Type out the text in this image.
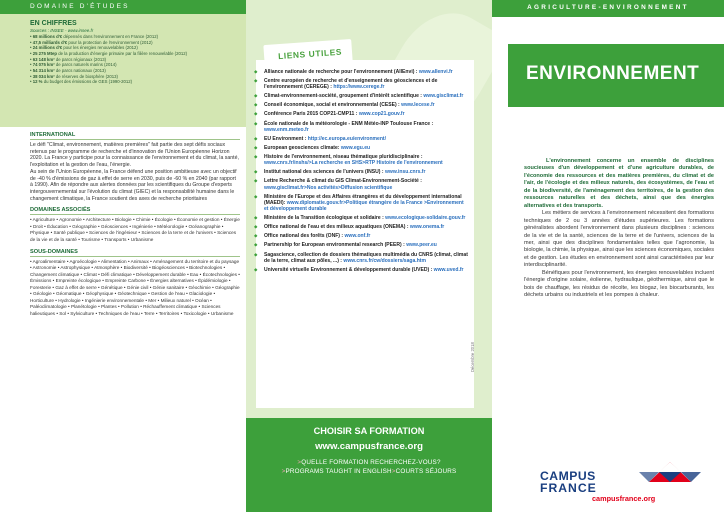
DOMAINE D'ÉTUDES
EN CHIFFRES
Sources : INSEE - www.insee.fr
• 68 millions d'€ dépensés dans l'environnement en France (2012)
• 47,5 milliards d'€ pour la protection de l'environnement (2012)
• 24 millions d'€ pour les énergies renouvelables (2012)
• 25 275 Mtep de la production d'énergie primaire par la filière renouvelable (2012)
• 63 148 km² de parcs régionaux (2013)
• 74 075 km² de parcs naturels marins (2014)
• 54 314 km² de parcs nationaux (2013)
• 38 034 km² de réserves de biosphère (2013)
• 12 % du budget des émissions de GES (1990-2012)
INTERNATIONAL
Le défi "Climat, environnement, matières premières" fait partie des sept défis sociaux retenus par le programme de recherche et d'innovation de l'Union Européenne Horizon 2020. La France y participe pour la connaissance de l'environnement et du climat, la santé, l'exploitation et la gestion de l'eau, l'énergie.
Au sein de l'Union Européenne, la France défend une position ambitieuse avec un objectif de -40 % d'émissions de gaz à effet de serre en 2030, puis de -60 % en 2040 (par rapport à 1990). Afin de répondre aux alertes données par les scientifiques du Groupe d'experts intergouvernemental sur l'évolution du climat (GIEC) et la responsabilité humaine dans le changement climatique, la France soutient des axes de recherche prioritaires
DOMAINES ASSOCIÉS
• Agriculture • Agronomie • Architecture • Biologie • Chimie • Écologie • Économie et gestion • Énergie • Droit • Éducation • Géographie • Géosciences • Ingénierie • Météorologie • Océanographie • Physique • Santé publique • Sciences de l'ingénieur • Sciences de la terre et de l'univers • Sciences de la vie et de la santé • Tourisme • Transports • Urbanisme
SOUS-DOMAINES
• Agroalimentaire • Agroécologie • Alimentation • Animaux • Aménagement du territoire et du paysage • Astronomie • Astrophysique • Atmosphère • Biodiversité • Biogéosciences • Biotechnologies • Changement climatique • Climat • Défi climatique • Développement durable • Eau • Écotechnologies • Émissions • Empreinte écologique • Empreinte Carbone • Énergies alternatives • Épidémiologie • Foresterie • Gaz à effet de serre • Génétique • Génie civil • Génie sanitaire • Géochimie • Géographie • Géologie • Géomatique • Géophysique • Géotechnique • Gestion de l'eau • Glaciologie • Horticulture • Hydrologie • Ingénierie environnementale • Mer • Milieux naturel • Océan • Paléoclimatologie • Planétologie • Plantes • Pollution • Réchauffement climatique • Sciences halieutiques • Sol • Sylviculture • Techniques de l'eau • Terre • Territoires • Toxicologie • Urbanisme
LIENS UTILES
◆ Alliance nationale de recherche pour l'environnement (AllEnvi) : www.allenvi.fr
◆ Centre européen de recherche et d'enseignement des géosciences et de l'environnement (CEREGE) : https://www.cerege.fr
◆ Climat-environnement-société, groupement d'intérêt scientifique : www.gisclimat.fr
◆ Conseil économique, social et environnemental (CESE) : www.lecese.fr
◆ Conférence Paris 2015 COP21-CMP11 : www.cop21.gouv.fr
◆ École nationale de la météorologie - ENM Météo-INP Toulouse France : www.enm.meteo.fr
◆ EU Environment : http://ec.europa.eu/environment/
◆ European geosciences climate: www.egu.eu
◆ Histoire de l'environnement, réseau thématique pluridisciplinaire : www.cnrs.fr/inshs/>La recherche en SHS>RTP Histoire de l'environnement
◆ Institut national des sciences de l'univers (INSU) : www.insu.cnrs.fr
◆ Lettre Recherche & climat du GIS Climat-Environnement-Société : www.gisclimat.fr>Nos activités>Diffusion scientifique
◆ Ministère de l'Europe et des Affaires étrangères et du développement international (MAEDI): www.diplomatie.gouv.fr>Politique étrangère de la France >Environnement et développement durable
◆ Ministère de la Transition écologique et solidaire : www.ecologique-solidaire.gouv.fr
◆ Office national de l'eau et des milieux aquatiques (ONEMA) : www.onema.fr
◆ Office national des forêts (ONF) : www.onf.fr
◆ Partnership for European environmental research (PEER) : www.peer.eu
◆ Sagascience, collection de dossiers thématiques multimédia du CNRS (climat, climat de la terre, climat aux pôles, ...) : www.cnrs.fr/cw/dossiers/saga.htm
◆ Université virtuelle Environnement & développement durable (UVED) : www.uved.fr
Décembre 2018
AGRICULTURE-ENVIRONNEMENT
ENVIRONNEMENT

L'environnement concerne un ensemble de disciplines soucieuses d'un développement et d'une agriculture durables, de l'économie des ressources et des matières premières, du climat et de l'air, de l'écologie et des milieux naturels, des écosystèmes, de l'eau et de la biodiversité, de l'aménagement des territoires, de la gestion des ressources naturelles et des déchets, ainsi que des énergies alternatives et des transports.

Les métiers de services à l'environnement nécessitent des formations techniques de 2 ou 3 années d'études supérieures. Les formations généralistes abordent l'environnement dans plusieurs disciplines : sciences de la vie et de la santé, sciences de la terre et de l'univers, sciences de la mer, ainsi que des disciplines fondamentales telles que l'agronomie, la biologie, la chimie, la physique, ainsi que les sciences économiques, sociales et de gestion. Les études en environnement sont ainsi caractérisées par leur interdisciplinarité.

Bénéfiques pour l'environnement, les énergies renouvelables incluent l'énergie d'origine solaire, éolienne, hydraulique, géothermique, ainsi que le bois de chauffage, les résidus de récolte, les biogaz, les biocarburants, les déchets urbains ou industriels et les pompes à chaleur.

CHOISIR SA FORMATION
www.campusfrance.org
>QUELLE FORMATION RECHERCHEZ-VOUS?
>PROGRAMS TAUGHT IN ENGLISH>COURTS SÉJOURS	CAMPUS
FRANCE
campusfrance.org
